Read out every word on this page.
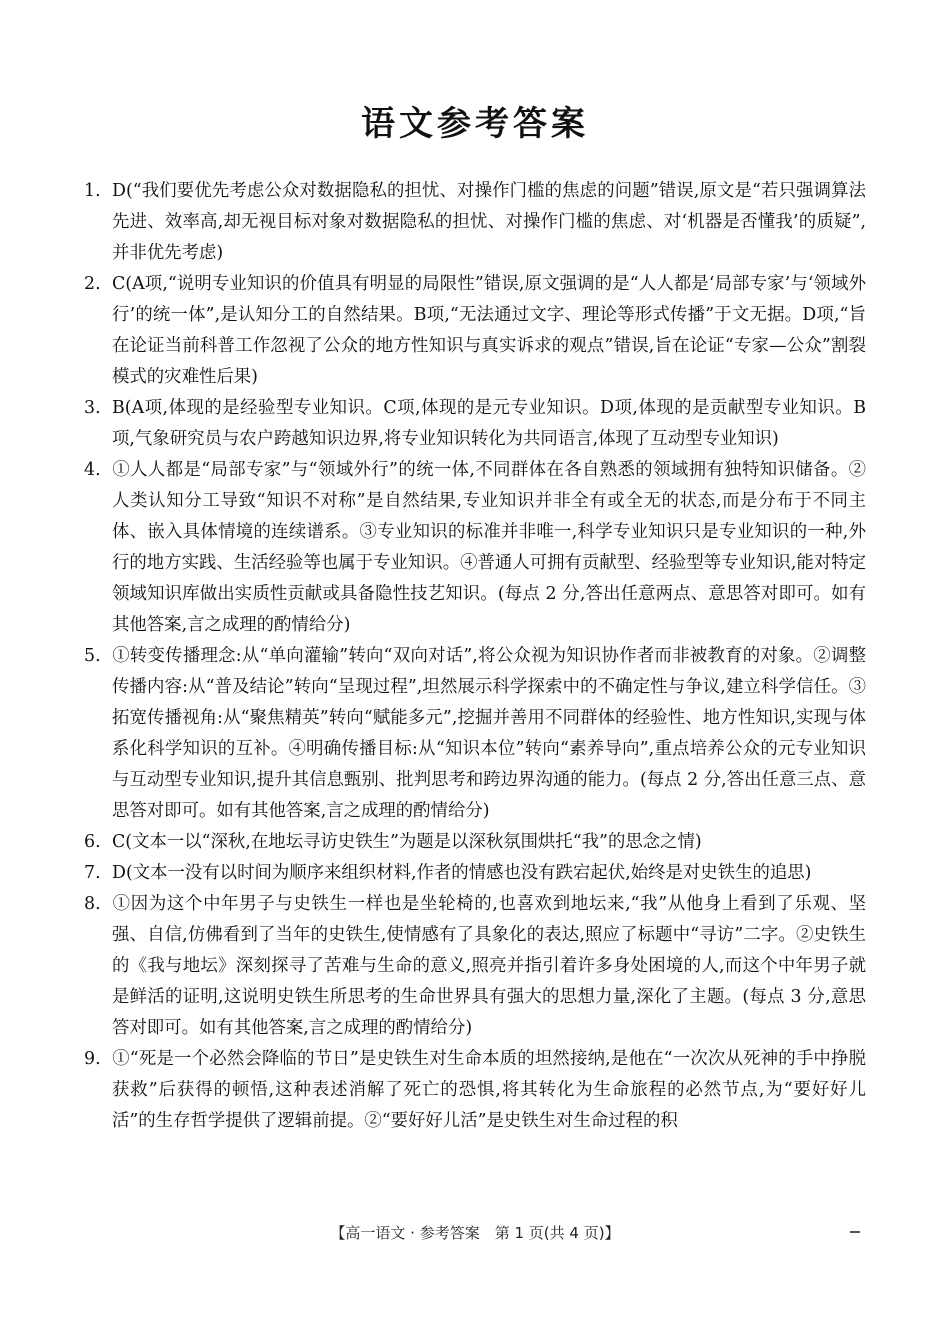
语文参考答案

1. D(“我们要优先考虑公众对数据隐私的担忧、对操作门槛的焦虑的问题”错误,原文是“若只强调算法先进、效率高,却无视目标对象对数据隐私的担忧、对操作门槛的焦虑、对‘机器是否懂我’的质疑”,并非优先考虑)

2. C(A项,“说明专业知识的价值具有明显的局限性”错误,原文强调的是“人人都是‘局部专家’与‘领域外行’的统一体”,是认知分工的自然结果。B项,“无法通过文字、理论等形式传播”于文无据。D项,“旨在论证当前科普工作忽视了公众的地方性知识与真实诉求的观点”错误,旨在论证“专家—公众”割裂模式的灾难性后果)

3. B(A项,体现的是经验型专业知识。C项,体现的是元专业知识。D项,体现的是贡献型专业知识。B项,气象研究员与农户跨越知识边界,将专业知识转化为共同语言,体现了互动型专业知识)

4. ①人人都是“局部专家”与“领域外行”的统一体,不同群体在各自熟悉的领域拥有独特知识储备。②人类认知分工导致“知识不对称”是自然结果,专业知识并非全有或全无的状态,而是分布于不同主体、嵌入具体情境的连续谱系。③专业知识的标准并非唯一,科学专业知识只是专业知识的一种,外行的地方实践、生活经验等也属于专业知识。④普通人可拥有贡献型、经验型等专业知识,能对特定领域知识库做出实质性贡献或具备隐性技艺知识。(每点 2 分,答出任意两点、意思答对即可。如有其他答案,言之成理的酌情给分)

5. ①转变传播理念:从“单向灌输”转向“双向对话”,将公众视为知识协作者而非被教育的对象。②调整传播内容:从“普及结论”转向“呈现过程”,坦然展示科学探索中的不确定性与争议,建立科学信任。③拓宽传播视角:从“聚焦精英”转向“赋能多元”,挖掘并善用不同群体的经验性、地方性知识,实现与体系化科学知识的互补。④明确传播目标:从“知识本位”转向“素养导向”,重点培养公众的元专业知识与互动型专业知识,提升其信息甄别、批判思考和跨边界沟通的能力。(每点 2 分,答出任意三点、意思答对即可。如有其他答案,言之成理的酌情给分)

6. C(文本一以“深秋,在地坛寻访史铁生”为题是以深秋氛围烘托“我”的思念之情)

7. D(文本一没有以时间为顺序来组织材料,作者的情感也没有跌宕起伏,始终是对史铁生的追思)

8. ①因为这个中年男子与史铁生一样也是坐轮椅的,也喜欢到地坛来,“我”从他身上看到了乐观、坚强、自信,仿佛看到了当年的史铁生,使情感有了具象化的表达,照应了标题中“寻访”二字。②史铁生的《我与地坛》深刻探寻了苦难与生命的意义,照亮并指引着许多身处困境的人,而这个中年男子就是鲜活的证明,这说明史铁生所思考的生命世界具有强大的思想力量,深化了主题。(每点 3 分,意思答对即可。如有其他答案,言之成理的酌情给分)

9. ①“死是一个必然会降临的节日”是史铁生对生命本质的坦然接纳,是他在“一次次从死神的手中挣脱获救”后获得的顿悟,这种表述消解了死亡的恐惧,将其转化为生命旅程的必然节点,为“要好好儿活”的生存哲学提供了逻辑前提。②“要好好儿活”是史铁生对生命过程的积

【高一语文 · 参考答案　第 1 页(共 4 页)】
